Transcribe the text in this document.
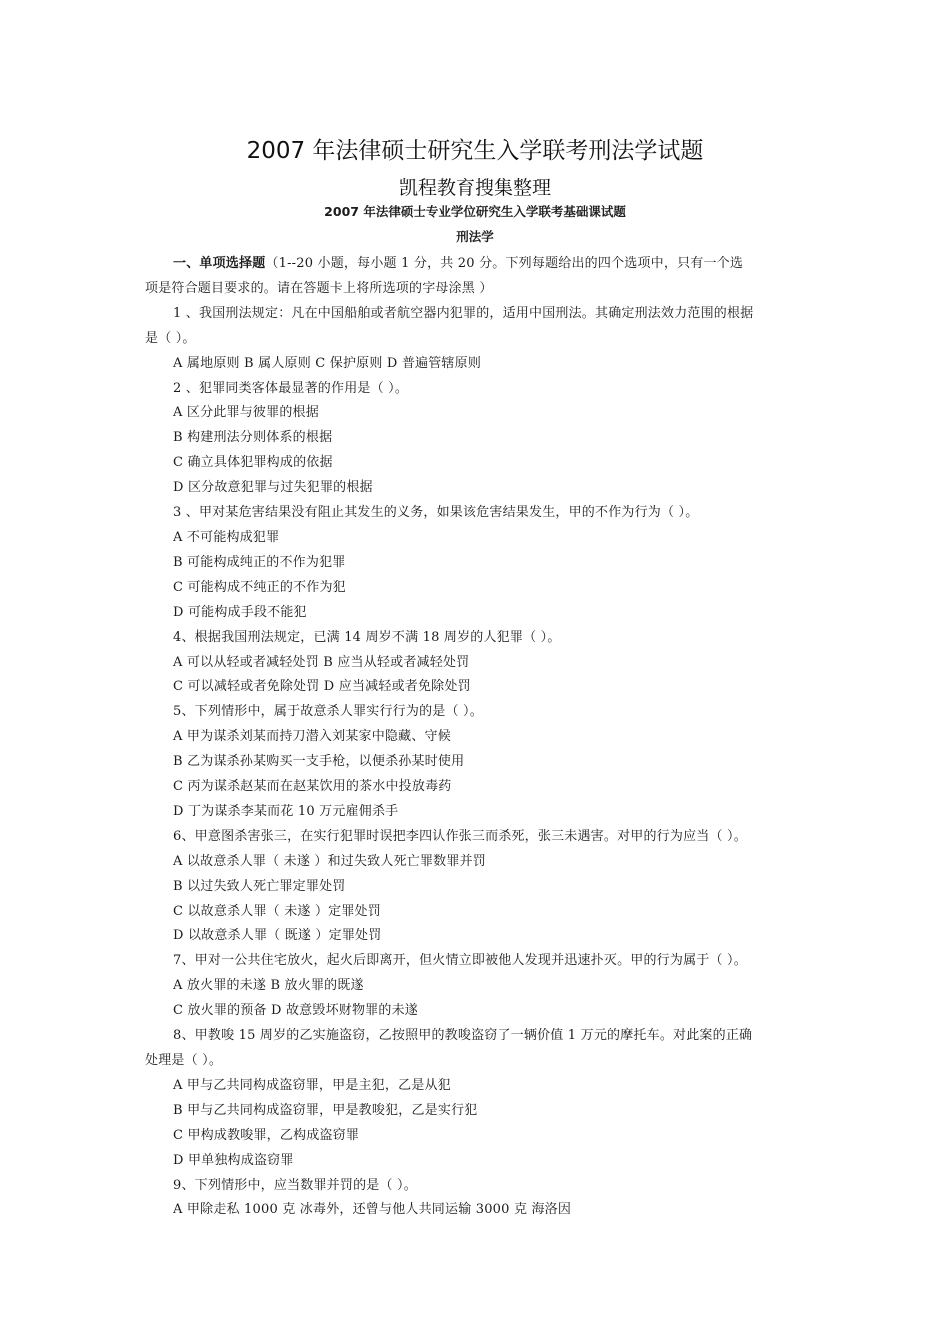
2007 年法律硕士研究生入学联考刑法学试题
凯程教育搜集整理
2007 年法律硕士专业学位研究生入学联考基础课试题
刑法学

一、单项选择题（1--20 小题，每小题 1 分，共 20 分。下列每题给出的四个选项中，只有一个选

项是符合题目要求的。请在答题卡上将所选项的字母涂黑 ）

1 、我国刑法规定：凡在中国船舶或者航空器内犯罪的，适用中国刑法。其确定刑法效力范围的根据

是（ ）。

A 属地原则 B 属人原则 C 保护原则 D 普遍管辖原则

2 、犯罪同类客体最显著的作用是（ ）。

A 区分此罪与彼罪的根据

B 构建刑法分则体系的根据

C 确立具体犯罪构成的依据

D 区分故意犯罪与过失犯罪的根据

3 、甲对某危害结果没有阻止其发生的义务，如果该危害结果发生，甲的不作为行为（ ）。

A 不可能构成犯罪

B 可能构成纯正的不作为犯罪

C 可能构成不纯正的不作为犯

D 可能构成手段不能犯

4、根据我国刑法规定，已满 14 周岁不满 18 周岁的人犯罪（ ）。

A 可以从轻或者减轻处罚 B 应当从轻或者减轻处罚

C 可以减轻或者免除处罚 D 应当减轻或者免除处罚

5、下列情形中，属于故意杀人罪实行行为的是（ ）。

A 甲为谋杀刘某而持刀潜入刘某家中隐藏、守候

B 乙为谋杀孙某购买一支手枪，以便杀孙某时使用

C 丙为谋杀赵某而在赵某饮用的茶水中投放毒药

D 丁为谋杀李某而花 10 万元雇佣杀手

6、甲意图杀害张三，在实行犯罪时误把李四认作张三而杀死，张三未遇害。对甲的行为应当（ ）。

A 以故意杀人罪（ 未遂 ）和过失致人死亡罪数罪并罚

B 以过失致人死亡罪定罪处罚

C 以故意杀人罪（ 未遂 ）定罪处罚

D 以故意杀人罪（ 既遂 ）定罪处罚

7、甲对一公共住宅放火，起火后即离开，但火情立即被他人发现并迅速扑灭。甲的行为属于（ ）。

A 放火罪的未遂 B 放火罪的既遂

C 放火罪的预备 D 故意毁坏财物罪的未遂

8、甲教唆 15 周岁的乙实施盗窃，乙按照甲的教唆盗窃了一辆价值 1 万元的摩托车。对此案的正确

处理是（ ）。

A 甲与乙共同构成盗窃罪，甲是主犯，乙是从犯

B 甲与乙共同构成盗窃罪，甲是教唆犯，乙是实行犯

C 甲构成教唆罪，乙构成盗窃罪

D 甲单独构成盗窃罪

9、下列情形中，应当数罪并罚的是（ ）。

A 甲除走私 1000 克 冰毒外，还曾与他人共同运输 3000 克 海洛因
